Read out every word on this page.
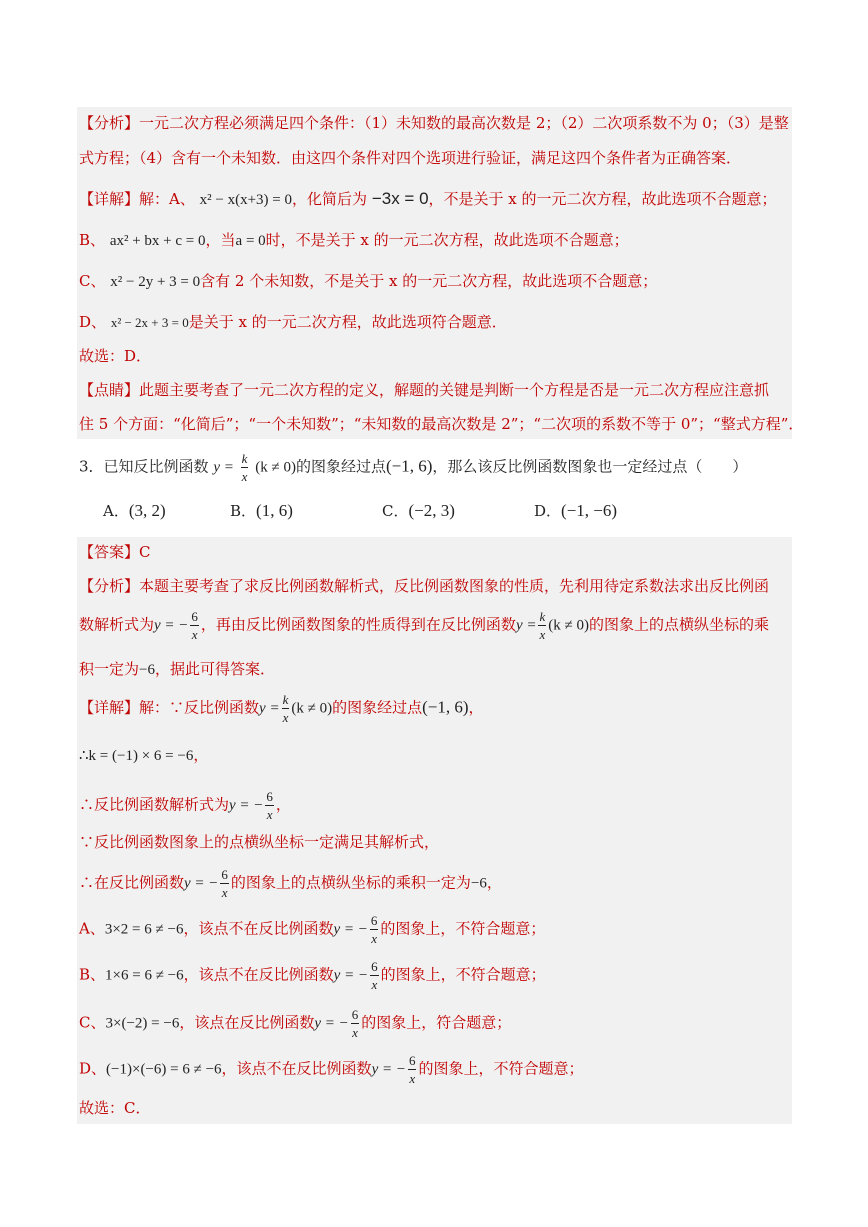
【分析】一元二次方程必须满足四个条件：（1）未知数的最高次数是 2；（2）二次项系数不为 0；（3）是整
式方程；（4）含有一个未知数．由这四个条件对四个选项进行验证，满足这四个条件者为正确答案．
【详解】解：A、 x² − x(x+3) = 0，化简后为 −3x = 0，不是关于 x 的一元二次方程，故此选项不合题意；
B、 ax² + bx + c = 0，当a = 0时，不是关于 x 的一元二次方程，故此选项不合题意；
C、 x² − 2y + 3 = 0含有 2 个未知数，不是关于 x 的一元二次方程，故此选项不合题意；
D、 x² − 2x + 3 = 0是关于 x 的一元二次方程，故此选项符合题意．
故选：D．
【点睛】此题主要考查了一元二次方程的定义，解题的关键是判断一个方程是否是一元二次方程应注意抓
住 5 个方面：“化简后”；“一个未知数”；“未知数的最高次数是 2”；“二次项的系数不等于 0”；“整式方程”．
3．已知反比例函数 $y = \frac{k}{x} (k \ne 0)$的图象经过点(−1, 6)，那么该反比例函数图象也一定经过点（　　）
A．(3, 2)	B．(1, 6)	C．(−2, 3)	D．(−1, −6)
【答案】C
【分析】本题主要考查了求反比例函数解析式，反比例函数图象的性质，先利用待定系数法求出反比例函
数解析式为y = − $\frac{6}{x}$ ，再由反比例函数图象的性质得到在反比例函数$y = \frac{k}{x} (k \ne 0)$的图象上的点横纵坐标的乘
积一定为−6，据此可得答案．
【详解】解：∵反比例函数$y = \frac{k}{x} (k \ne 0)$的图象经过点(−1, 6)，
∴k = (−1) × 6 = −6，
∴反比例函数解析式为y = − $\frac{6}{x}$ ，
∵反比例函数图象上的点横纵坐标一定满足其解析式，
∴在反比例函数y = − $\frac{6}{x}$ 的图象上的点横纵坐标的乘积一定为−6，
A、3×2 = 6 ≠ −6，该点不在反比例函数y = − $\frac{6}{x}$ 的图象上，不符合题意；
B、1×6 = 6 ≠ −6，该点不在反比例函数y = − $\frac{6}{x}$ 的图象上，不符合题意；
C、3×(−2) = −6，该点在反比例函数y = − $\frac{6}{x}$ 的图象上，符合题意；
D、(−1)×(−6) = 6 ≠ −6，该点不在反比例函数y = − $\frac{6}{x}$ 的图象上，不符合题意；
故选：C．
